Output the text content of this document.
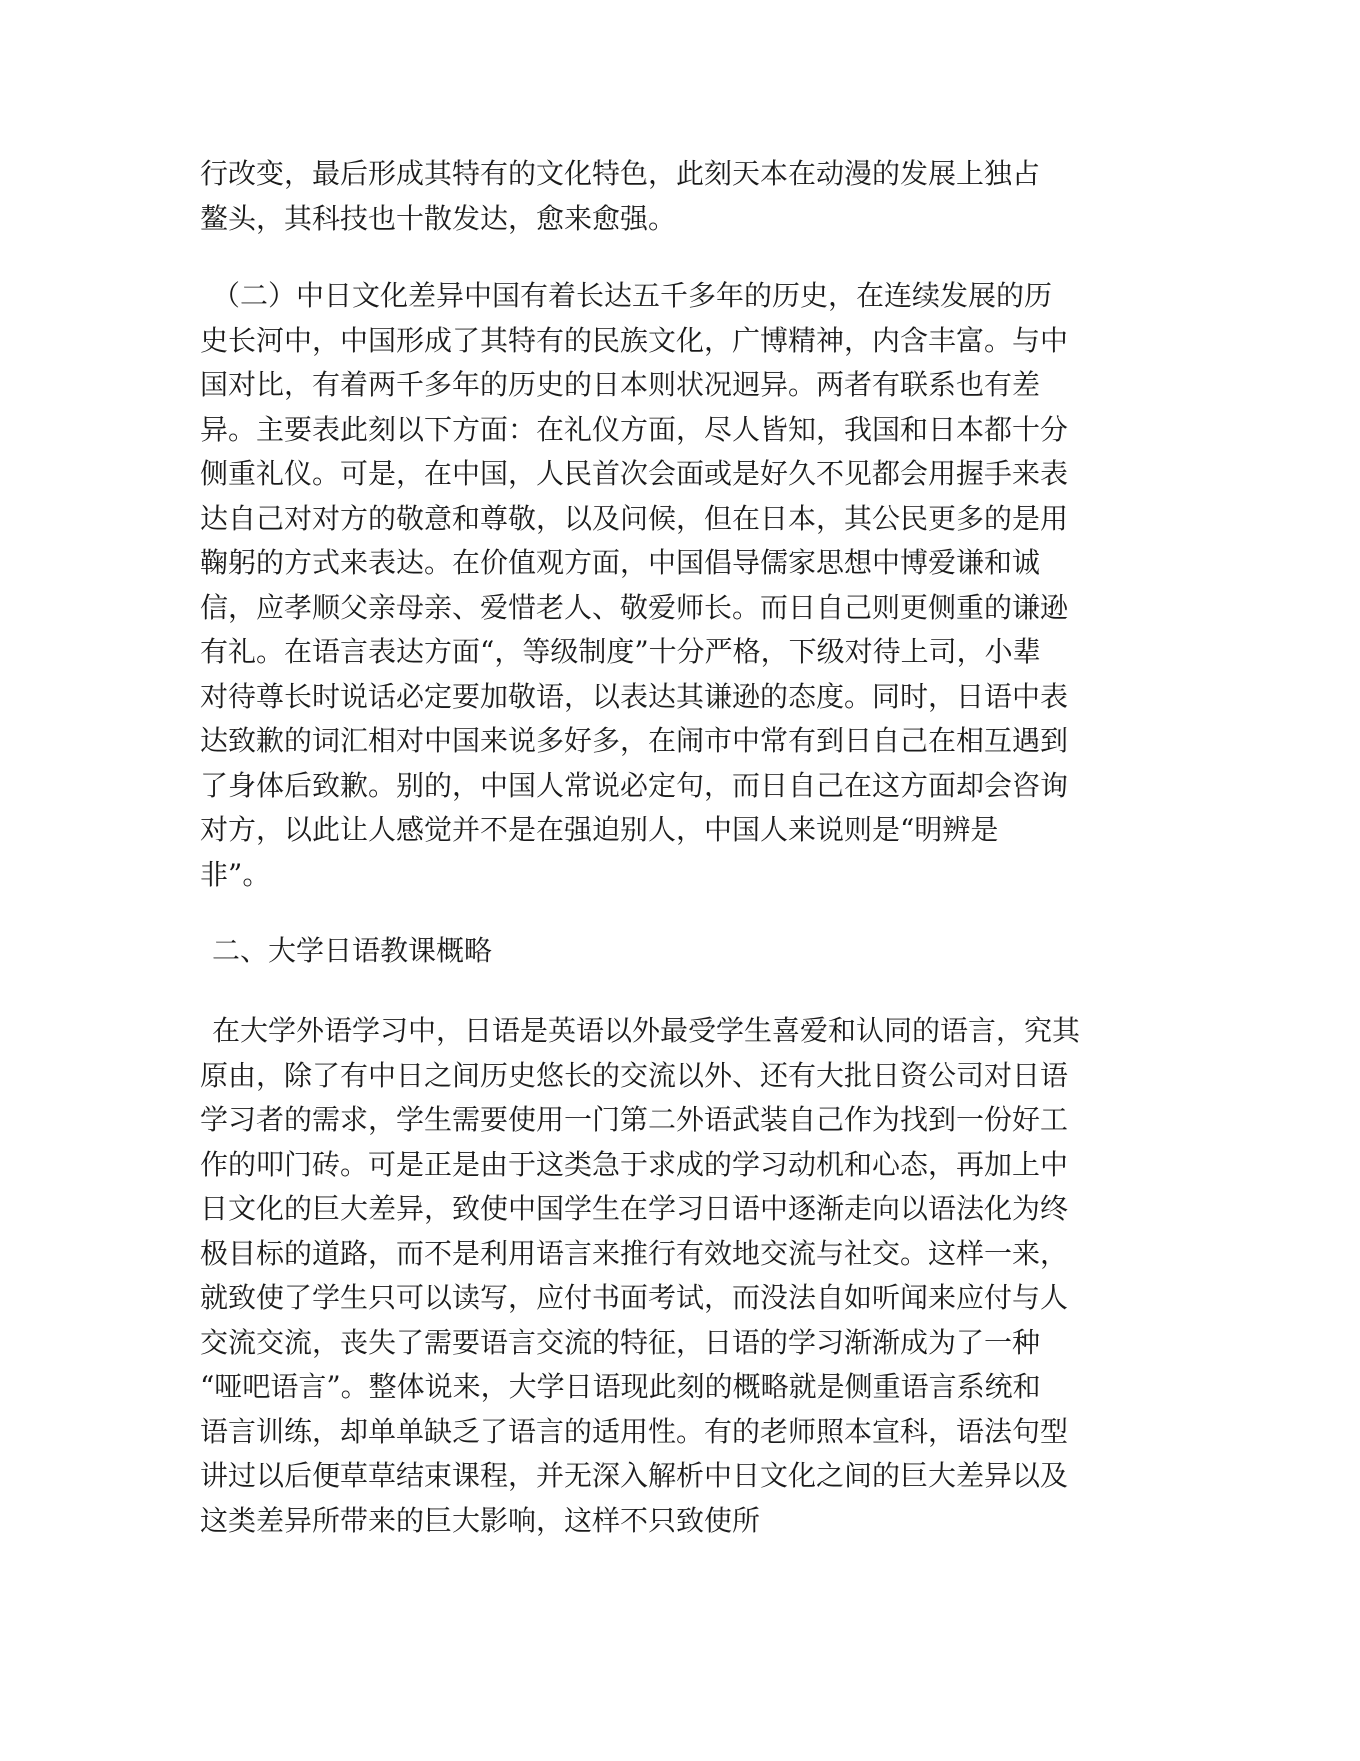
行改变，最后形成其特有的文化特色，此刻天本在动漫的发展上独占
鳌头，其科技也十散发达，愈来愈强。
（二）中日文化差异中国有着长达五千多年的历史，在连续发展的历
史长河中，中国形成了其特有的民族文化，广博精神，内含丰富。与中
国对比，有着两千多年的历史的日本则状况迥异。两者有联系也有差
异。主要表此刻以下方面：在礼仪方面，尽人皆知，我国和日本都十分
侧重礼仪。可是，在中国，人民首次会面或是好久不见都会用握手来表
达自己对对方的敬意和尊敬，以及问候，但在日本，其公民更多的是用
鞠躬的方式来表达。在价值观方面，中国倡导儒家思想中博爱谦和诚
信，应孝顺父亲母亲、爱惜老人、敬爱师长。而日自己则更侧重的谦逊
有礼。在语言表达方面“，等级制度”十分严格，下级对待上司，小辈
对待尊长时说话必定要加敬语，以表达其谦逊的态度。同时，日语中表
达致歉的词汇相对中国来说多好多，在闹市中常有到日自己在相互遇到
了身体后致歉。别的，中国人常说必定句，而日自己在这方面却会咨询
对方，以此让人感觉并不是在强迫别人，中国人来说则是“明辨是
非”。
二、大学日语教课概略
在大学外语学习中，日语是英语以外最受学生喜爱和认同的语言，究其
原由，除了有中日之间历史悠长的交流以外、还有大批日资公司对日语
学习者的需求，学生需要使用一门第二外语武装自己作为找到一份好工
作的叩门砖。可是正是由于这类急于求成的学习动机和心态，再加上中
日文化的巨大差异，致使中国学生在学习日语中逐渐走向以语法化为终
极目标的道路，而不是利用语言来推行有效地交流与社交。这样一来，
就致使了学生只可以读写，应付书面考试，而没法自如听闻来应付与人
交流交流，丧失了需要语言交流的特征，日语的学习渐渐成为了一种
“哑吧语言”。整体说来，大学日语现此刻的概略就是侧重语言系统和
语言训练，却单单缺乏了语言的适用性。有的老师照本宣科，语法句型
讲过以后便草草结束课程，并无深入解析中日文化之间的巨大差异以及
这类差异所带来的巨大影响，这样不只致使所
